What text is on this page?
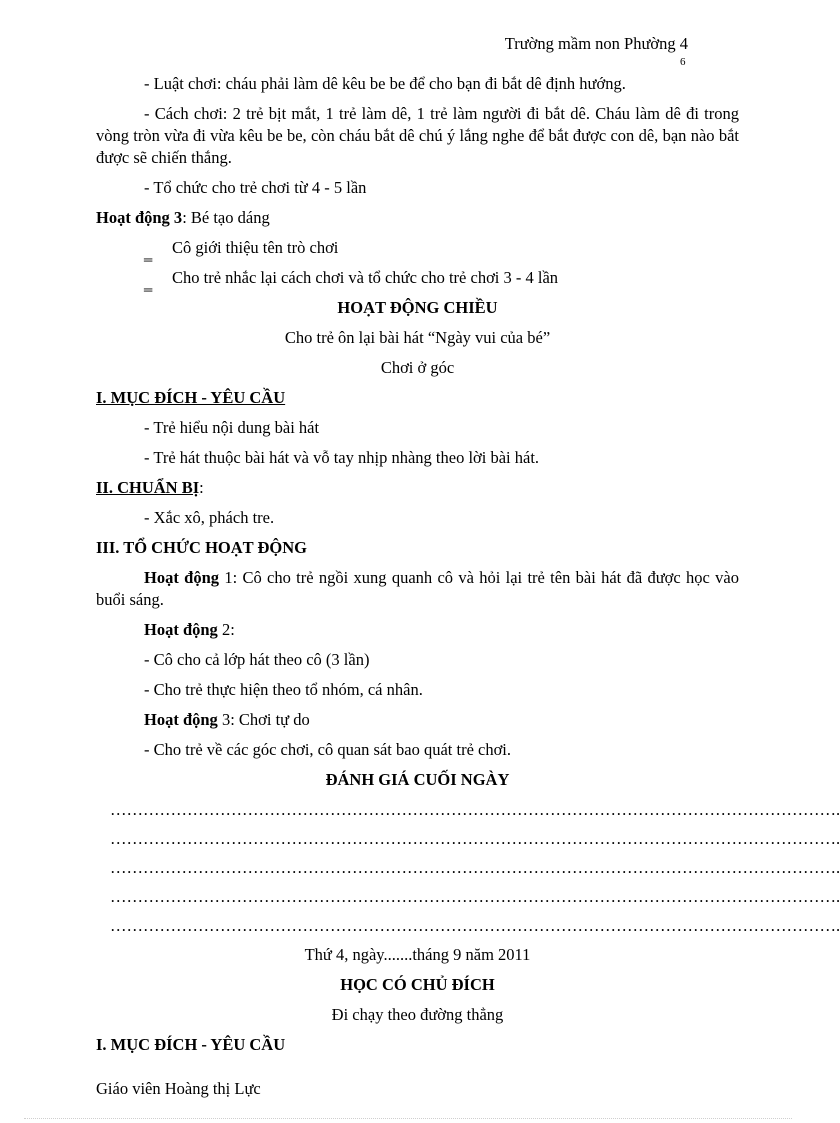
Trường mầm non Phường 4
6
- Luật chơi: cháu phải làm dê kêu be be để cho bạn đi bắt dê định hướng.
- Cách chơi: 2 trẻ bịt mắt, 1 trẻ làm dê, 1 trẻ làm người đi bắt dê. Cháu làm dê đi trong vòng tròn vừa đi vừa kêu be be, còn cháu bắt dê chú ý lắng nghe để bắt được con dê, bạn nào bắt được sẽ chiến thắng.
- Tổ chức cho trẻ chơi từ 4 - 5 lần
Hoạt động 3: Bé tạo dáng
‗ Cô giới thiệu tên trò chơi
‗ Cho trẻ nhắc lại cách chơi và tổ chức cho trẻ chơi 3 - 4 lần
HOẠT ĐỘNG CHIỀU
Cho trẻ ôn lại bài hát “Ngày vui của bé”
Chơi ở góc
I. MỤC ĐÍCH - YÊU CẦU
- Trẻ hiểu nội dung bài hát
- Trẻ hát thuộc bài hát và vỗ tay nhịp nhàng theo lời bài hát.
II. CHUẨN BỊ:
- Xắc xô, phách tre.
III. TỔ CHỨC HOẠT ĐỘNG
Hoạt động 1: Cô cho trẻ ngồi xung quanh cô và hỏi lại trẻ tên bài hát đã được học vào buổi sáng.
Hoạt động 2:
- Cô cho cả lớp hát theo cô (3 lần)
- Cho trẻ thực hiện theo tổ nhóm, cá nhân.
Hoạt động 3: Chơi tự do
- Cho trẻ về các góc chơi, cô quan sát bao quát trẻ chơi.
ĐÁNH GIÁ CUỐI NGÀY
…………………………………………………………………………………………………………………….
…………………………………………………………………………………………………………………….
…………………………………………………………………………………………………………………….
…………………………………………………………………………………………………………………….
…………………………………………………………………………………………………………………….
Thứ 4, ngày.......tháng 9 năm 2011
HỌC CÓ CHỦ ĐÍCH
Đi chạy theo đường thẳng
I. MỤC ĐÍCH - YÊU CẦU
Giáo viên Hoàng thị Lực
